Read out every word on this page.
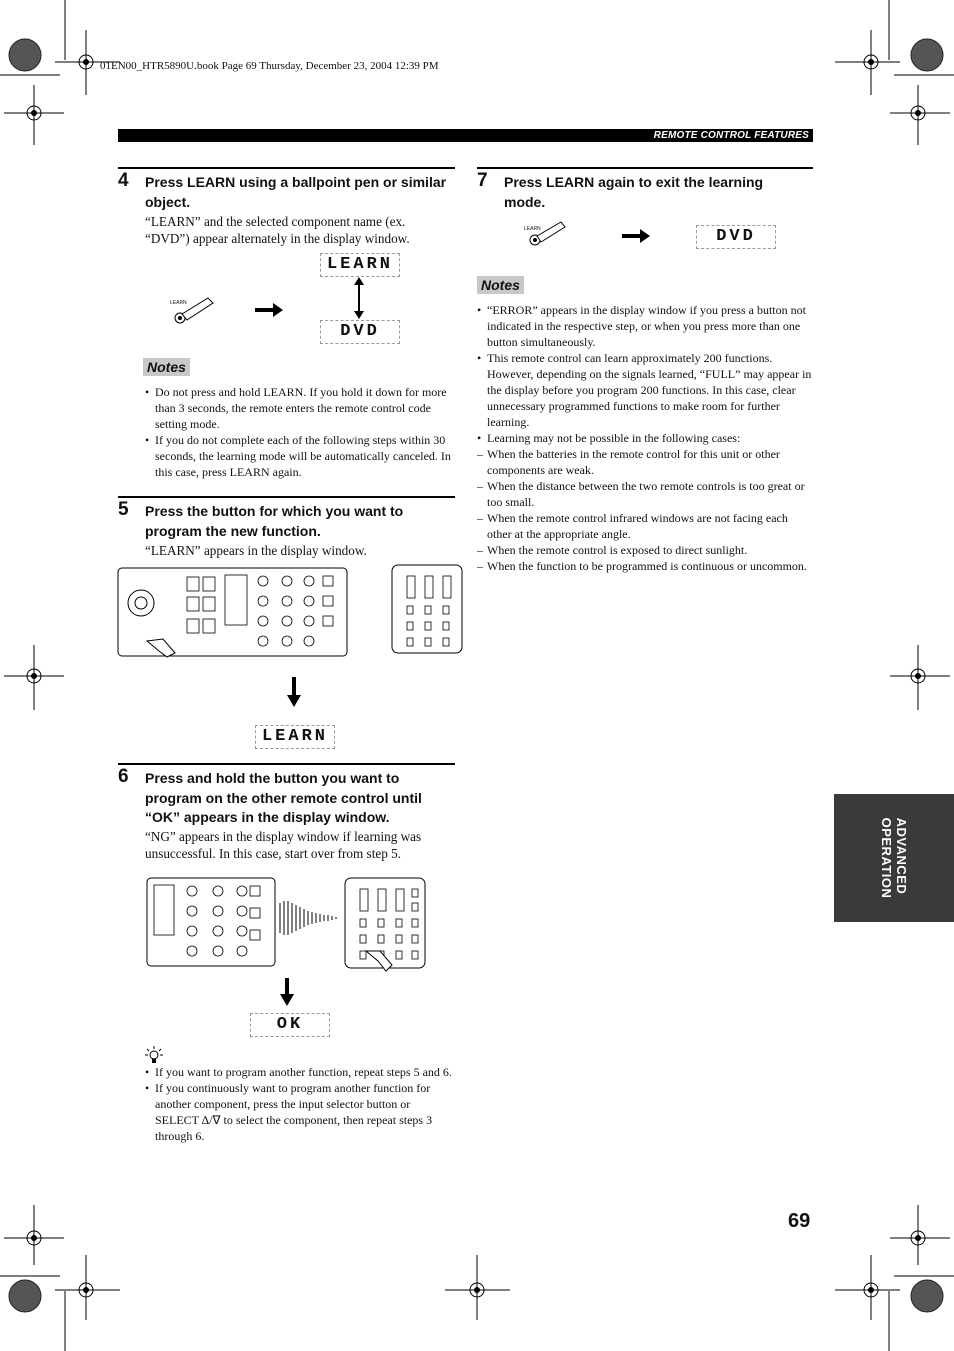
01EN00_HTR5890U.book Page 69 Thursday, December 23, 2004 12:39 PM
REMOTE CONTROL FEATURES
4 Press LEARN using a ballpoint pen or similar
object.
“LEARN” and the selected component name (ex.
“DVD”) appear alternately in the display window.
LEARN
LEARN
DVD
Notes
• Do not press and hold LEARN. If you hold it down for more than 3 seconds, the remote enters the remote control code setting mode.
• If you do not complete each of the following steps within 30 seconds, the learning mode will be automatically canceled. In this case, press LEARN again.
5 Press the button for which you want to
program the new function.
“LEARN” appears in the display window.
LEARN
6 Press and hold the button you want to
program on the other remote control until
“OK” appears in the display window.
“NG” appears in the display window if learning was
unsuccessful. In this case, start over from step 5.
OK
• If you want to program another function, repeat steps 5 and 6.
• If you continuously want to program another function for another component, press the input selector button or SELECT ∆/∇ to select the component, then repeat steps 3 through 6.
7 Press LEARN again to exit the learning
mode.
LEARN	DVD
Notes
• “ERROR” appears in the display window if you press a button not indicated in the respective step, or when you press more than one button simultaneously.
• This remote control can learn approximately 200 functions. However, depending on the signals learned, “FULL” may appear in the display before you program 200 functions. In this case, clear unnecessary programmed functions to make room for further learning.
• Learning may not be possible in the following cases:
– When the batteries in the remote control for this unit or other components are weak.
– When the distance between the two remote controls is too great or too small.
– When the remote control infrared windows are not facing each other at the appropriate angle.
– When the remote control is exposed to direct sunlight.
– When the function to be programmed is continuous or uncommon.
ADVANCED
OPERATION
69
